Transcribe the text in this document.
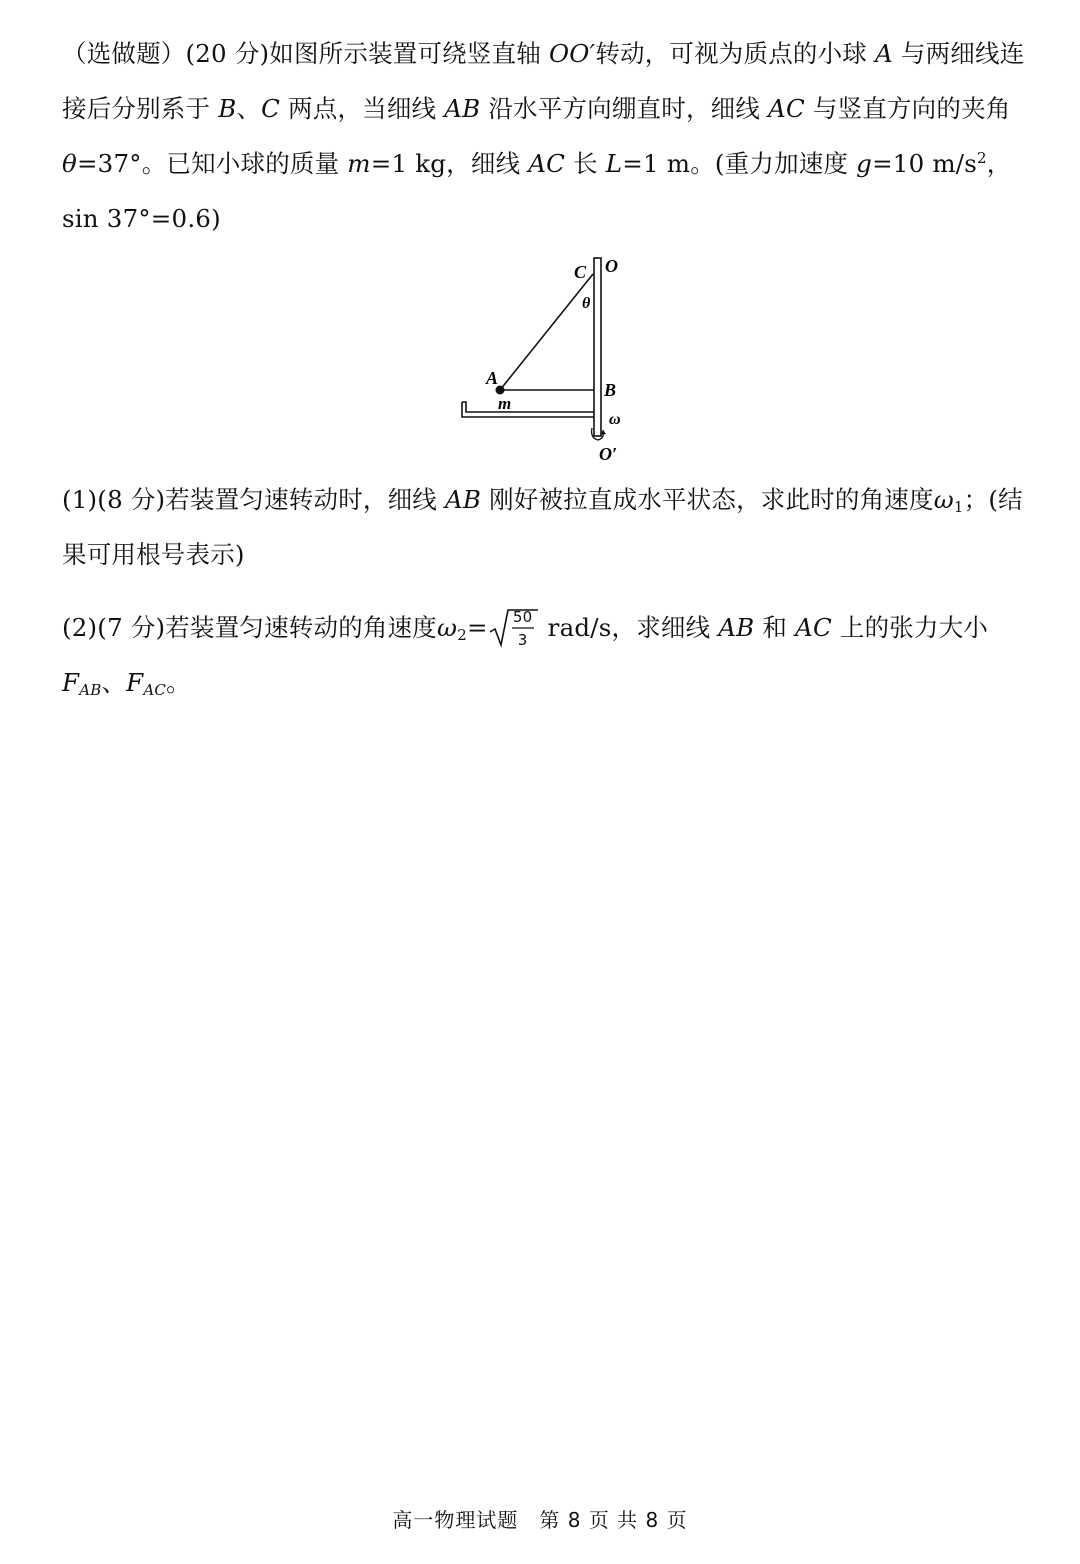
（选做题）(20 分)如图所示装置可绕竖直轴 OO′转动，可视为质点的小球 A 与两细线连接后分别系于 B、C 两点，当细线 AB 沿水平方向绷直时，细线 AC 与竖直方向的夹角θ=37°。已知小球的质量 m=1 kg，细线 AC 长 L=1 m。(重力加速度 g=10 $m/s^2$，sin 37°=0.6)
C O
θ
A
m
B
ω
O′
(1)(8 分)若装置匀速转动时，细线 AB 刚好被拉直成水平状态，求此时的角速度$\omega_1$；(结果可用根号表示)
(2)(7 分)若装置匀速转动的角速度$\omega_2= 50$
3 rad/s，求细线 AB 和 AC 上的张力大小 $F_{AB}$、$F_{AC}$。
高一物理试题　第 8 页 共 8 页
